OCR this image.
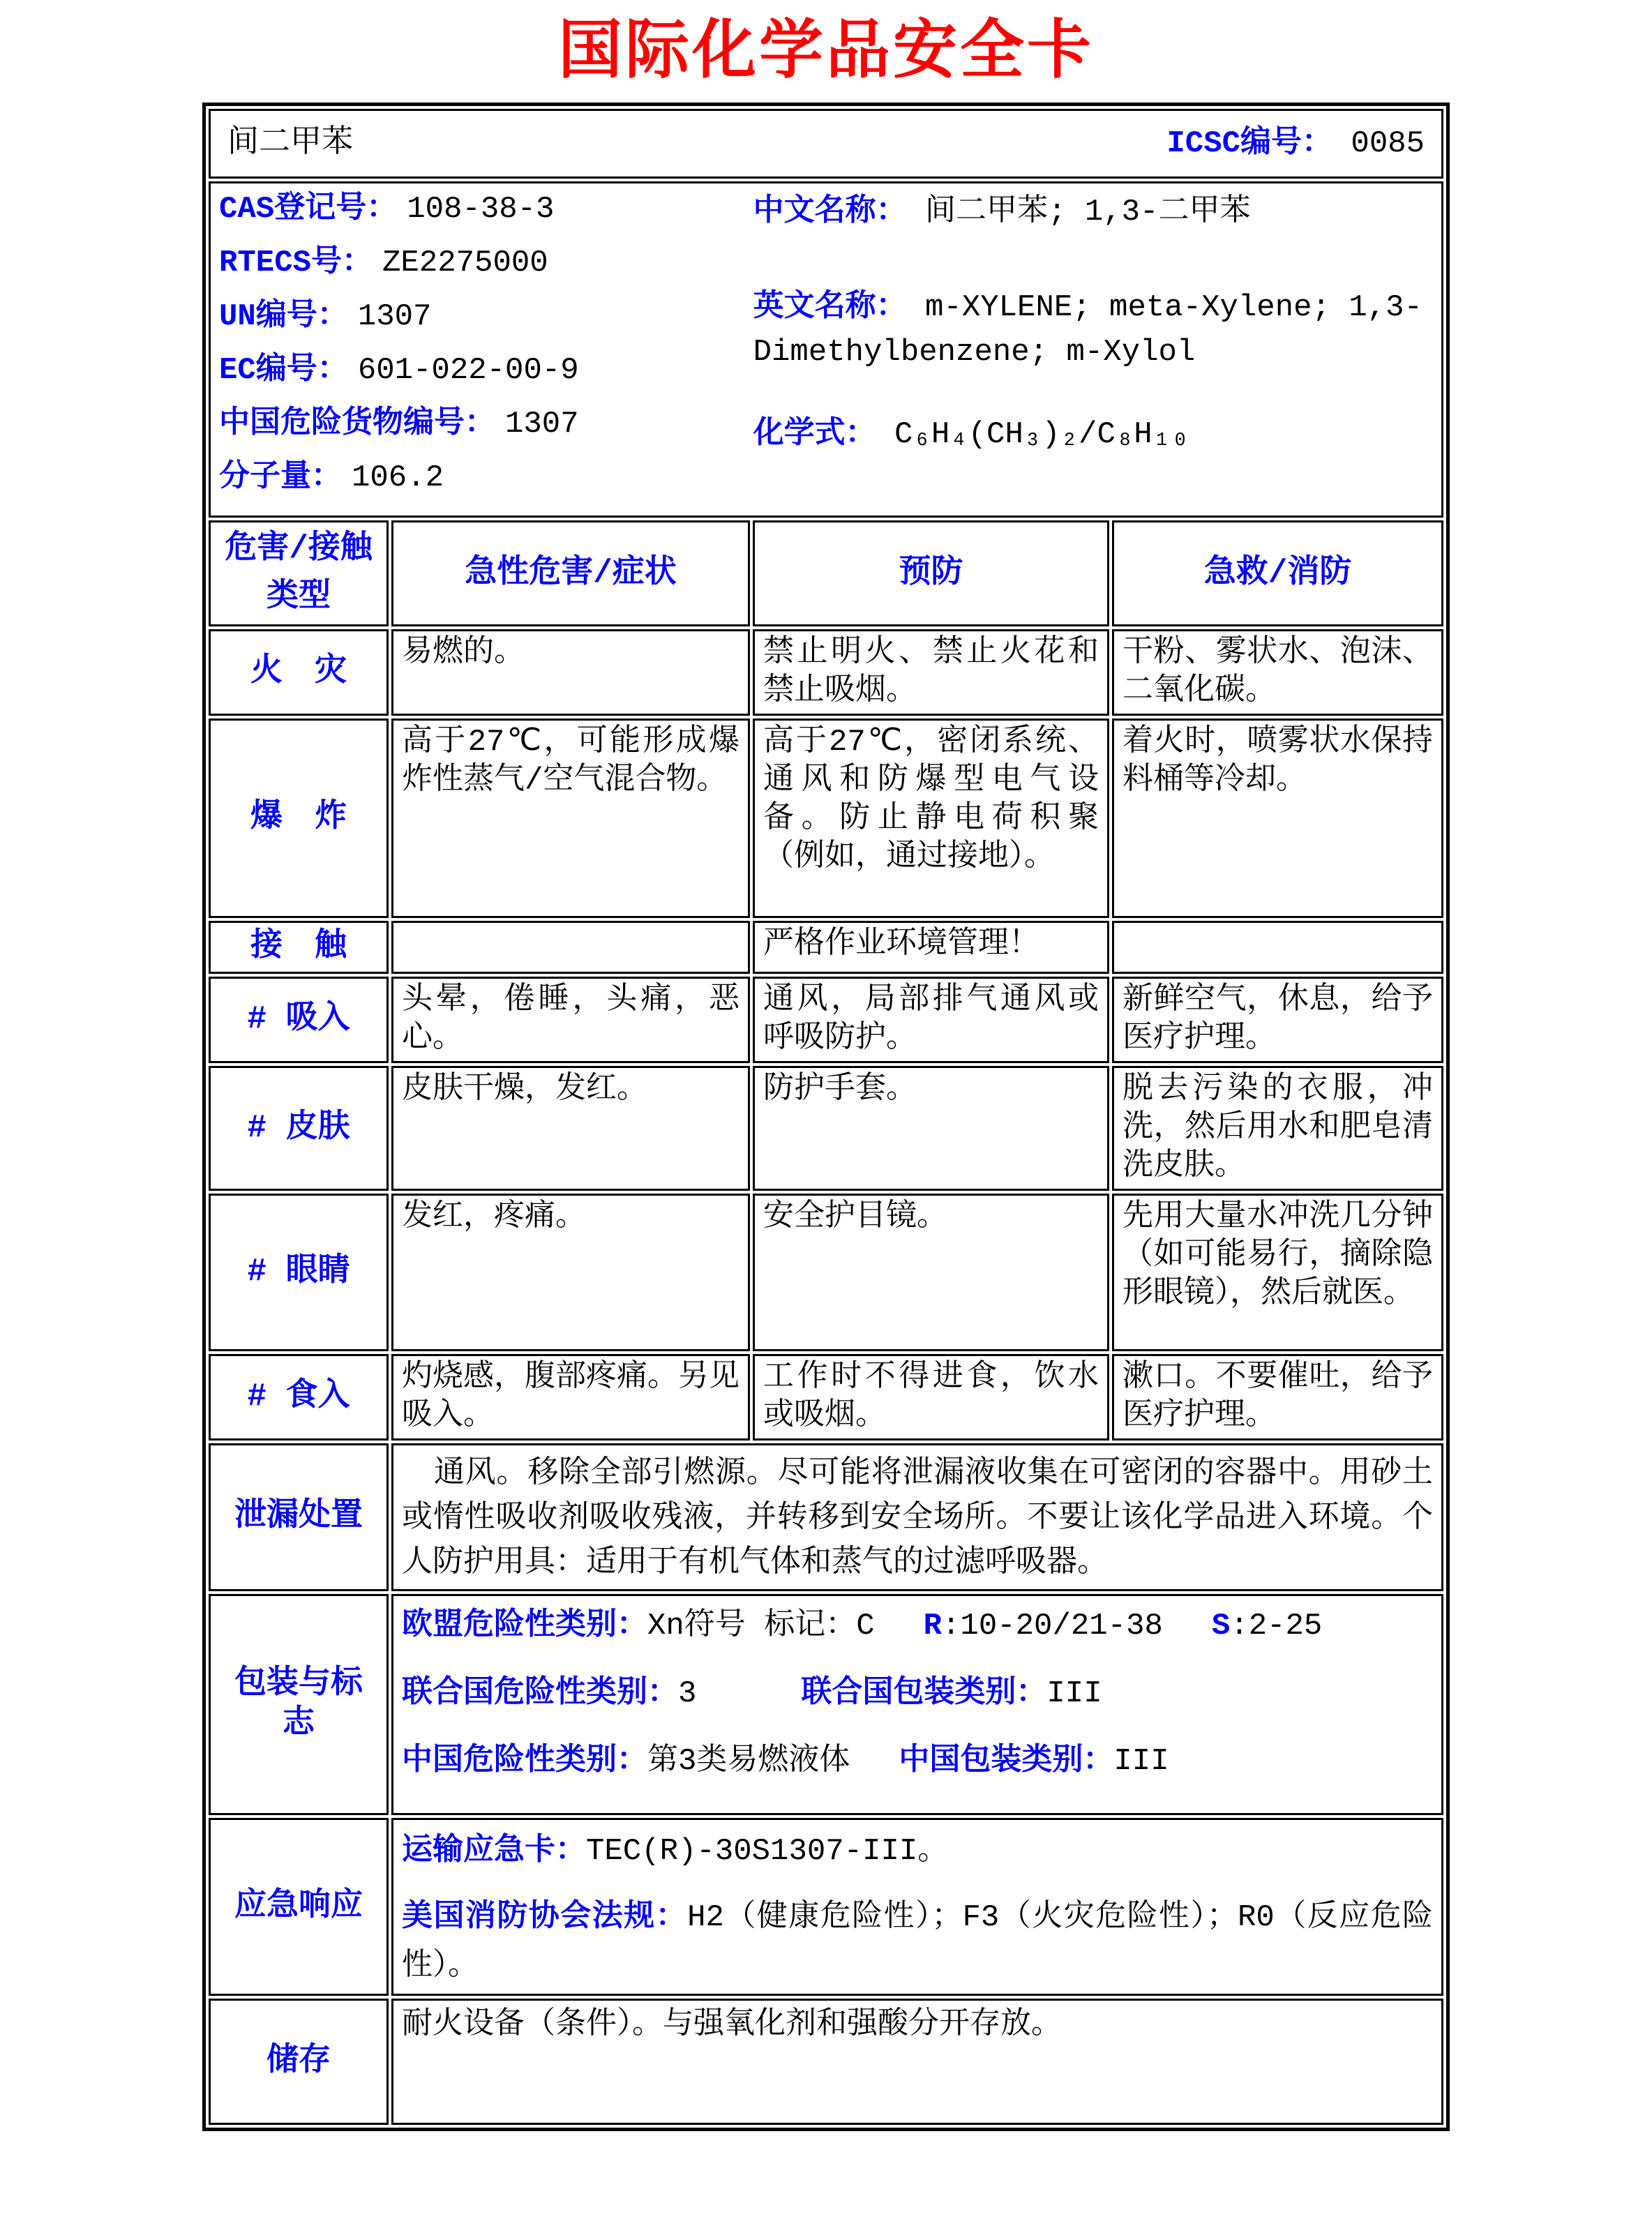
国际化学品安全卡
间二甲苯 ICSC编号： 0085			

CAS登记号： 108-38-3
RTECS号： ZE2275000
UN编号： 1307
EC编号： 601-022-00-9
中国危险货物编号： 1307
分子量： 106.2
中文名称： 间二甲苯; 1,3-二甲苯
英文名称： m-XYLENE; meta-Xylene; 1,3-Dimethylbenzene; m-Xylol
化学式： C₆H₄(CH₃)₂/C₈H₁₀

危害/接触类型	急性危害/症状	预防	急救/消防
火　灾	易燃的。	禁止明火、禁止火花和禁止吸烟。	干粉、雾状水、泡沫、二氧化碳。
爆　炸	高于27℃，可能形成爆炸性蒸气/空气混合物。	高于27℃，密闭系统、通风和防爆型电气设备。防止静电荷积聚（例如，通过接地）。	着火时，喷雾状水保持料桶等冷却。
接　触		严格作业环境管理！	
# 吸入	头晕，倦睡，头痛，恶心。	通风，局部排气通风或呼吸防护。	新鲜空气，休息，给予医疗护理。
# 皮肤	皮肤干燥，发红。	防护手套。	脱去污染的衣服，冲洗，然后用水和肥皂清洗皮肤。
# 眼睛	发红，疼痛。	安全护目镜。	先用大量水冲洗几分钟（如可能易行，摘除隐形眼镜），然后就医。
# 食入	灼烧感，腹部疼痛。另见吸入。	工作时不得进食，饮水或吸烟。	漱口。不要催吐，给予医疗护理。
泄漏处置	通风。移除全部引燃源。尽可能将泄漏液收集在可密闭的容器中。用砂土或惰性吸收剂吸收残液，并转移到安全场所。不要让该化学品进入环境。个人防护用具：适用于有机气体和蒸气的过滤呼吸器。		

包装与标志	欧盟危险性类别：Xn符号 标记：C R:10-20/21-38 S:2-25
联合国危险性类别：3 联合国包装类别：III
中国危险性类别：第3类易燃液体 中国包装类别：III		

应急响应	运输应急卡：TEC(R)-30S1307-III。
美国消防协会法规：H2（健康危险性）；F3（火灾危险性）；R0（反应危险性）。		

储存	耐火设备（条件）。与强氧化剂和强酸分开存放。		
